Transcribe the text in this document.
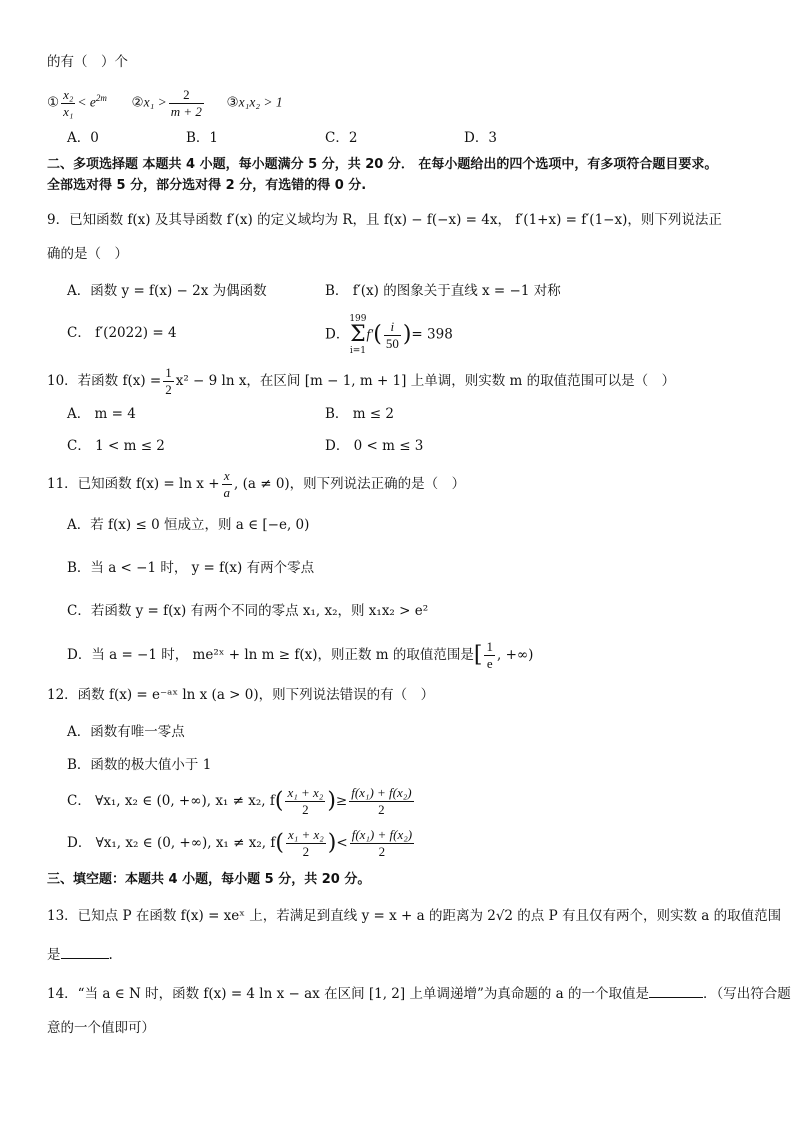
的有（　）个
① $\frac{\text{x₂}}{\text{x₁}} < e^{2m}$ ②x₁ > $\frac{2}{m + 2}$ ③x₁x₂ > 1
A．0	B．1	C．2	D．3
二、多项选择题 本题共 4 小题，每小题满分 5 分，共 20 分． 在每小题给出的四个选项中，有多项符合题目要求。
全部选对得 5 分，部分选对得 2 分，有选错的得 0 分.
9．已知函数 f(x) 及其导函数 f′(x) 的定义域均为 R，且 f(x) − f(−x) = 4x， f′(1+x) = f′(1−x)，则下列说法正
确的是（　）
A．函数 y = f(x) − 2x 为偶函数	B． f′(x) 的图象关于直线 x = −1 对称
C． f′(2022) = 4	D．
199
Σ
i=1
$f'( \frac{i}{50}$ )= 398
10．若函数 $f(x) = \frac{1}{2} x^2 - 9$ ln x，在区间 [m − 1, m + 1] 上单调，则实数 m 的取值范围可以是（　）
A． m = 4	B． m ≤ 2
C． 1 < m ≤ 2	D． 0 < m ≤ 3
11．已知函数 $f(x) = \ln x + \frac{x}{a}$ , (a ≠ 0)，则下列说法正确的是（　）
A．若 f(x) ≤ 0 恒成立，则 a ∈ [−e, 0)
B．当 a < −1 时， y = f(x) 有两个零点
C．若函数 y = f(x) 有两个不同的零点 x₁, x₂，则 x₁x₂ > e²
D．当 a = −1 时， me²ˣ + ln m ≥ f(x)，则正数 m 的取值范围是[ $\frac{1}{e}$ , +∞)
12．函数 f(x) = e⁻ᵃˣ ln x (a > 0)，则下列说法错误的有（　）
A．函数有唯一零点
B．函数的极大值小于 1
C． ∀x₁, x₂ ∈ (0, +∞), x₁ ≠ x₂, $f( \frac{\text{x₁ + x₂}}{2}$ )≥ $\frac{\text{f(x₁) + f(x₂)}}{2}$
D． ∀x₁, x₂ ∈ (0, +∞), x₁ ≠ x₂, $f( \frac{\text{x₁ + x₂}}{2}$ )< $\frac{\text{f(x₁) + f(x₂)}}{2}$
三、填空题：本题共 4 小题，每小题 5 分，共 20 分。
13．已知点 P 在函数 f(x) = xeˣ 上，若满足到直线 y = x + a 的距离为 2√2 的点 P 有且仅有两个，则实数 a 的取值范围
是	.
14．“当 a ∈ N 时，函数 f(x) = 4 ln x − ax 在区间 [1, 2] 上单调递增”为真命题的 a 的一个取值是	．（写出符合题
意的一个值即可）
